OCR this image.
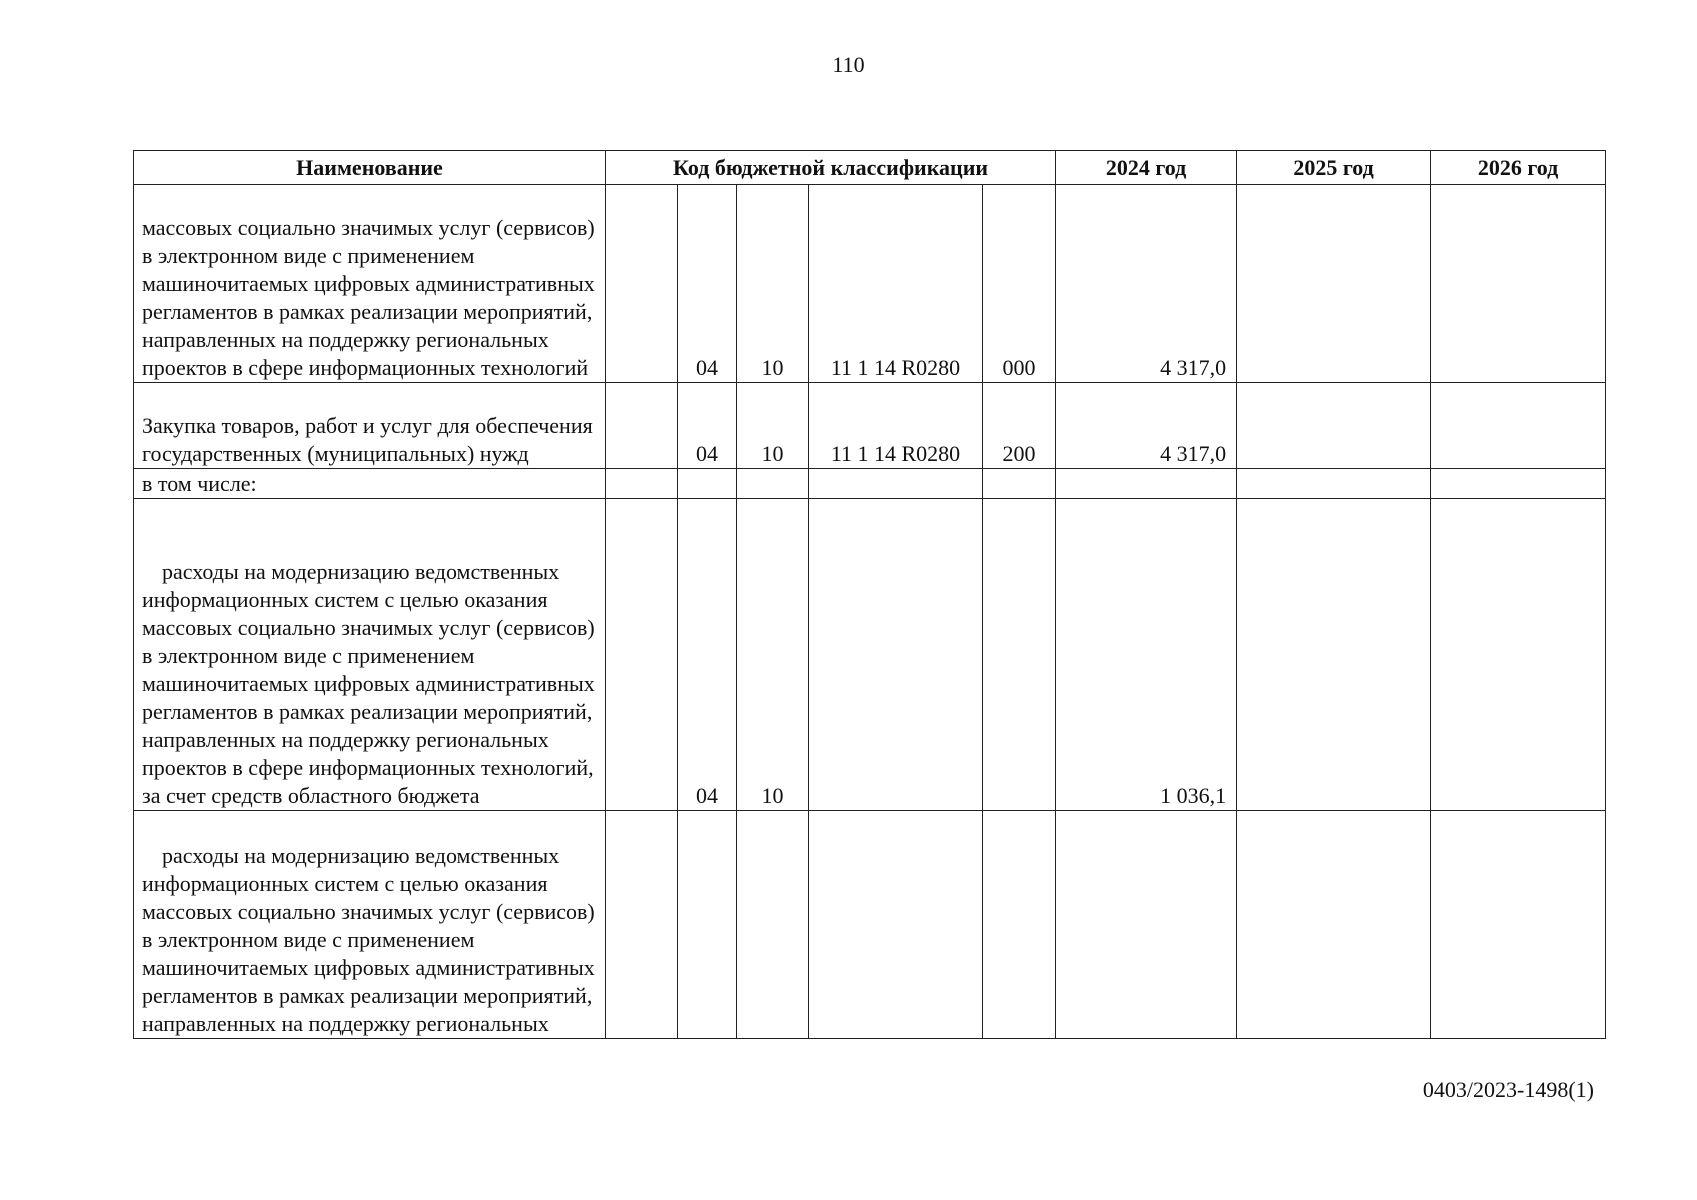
110
Наименование	Код бюджетной классификации					2024 год	2025 год	2026 год
массовых социально значимых услуг (сервисов) в электронном виде с применением машиночитаемых цифровых административных регламентов в рамках реализации мероприятий, направленных на поддержку региональных проектов в сфере информационных технологий		04	10	11 1 14 R0280	000	4 317,0		
Закупка товаров, работ и услуг для обеспечения государственных (муниципальных) нужд		04	10	11 1 14 R0280	200	4 317,0		
в том числе:								
расходы на модернизацию ведомственных информационных систем с целью оказания массовых социально значимых услуг (сервисов) в электронном виде с применением машиночитаемых цифровых административных регламентов в рамках реализации мероприятий, направленных на поддержку региональных проектов в сфере информационных технологий, за счет средств областного бюджета		04	10			1 036,1		
расходы на модернизацию ведомственных информационных систем с целью оказания массовых социально значимых услуг (сервисов) в электронном виде с применением машиночитаемых цифровых административных регламентов в рамках реализации мероприятий, направленных на поддержку региональных								
0403/2023-1498(1)
